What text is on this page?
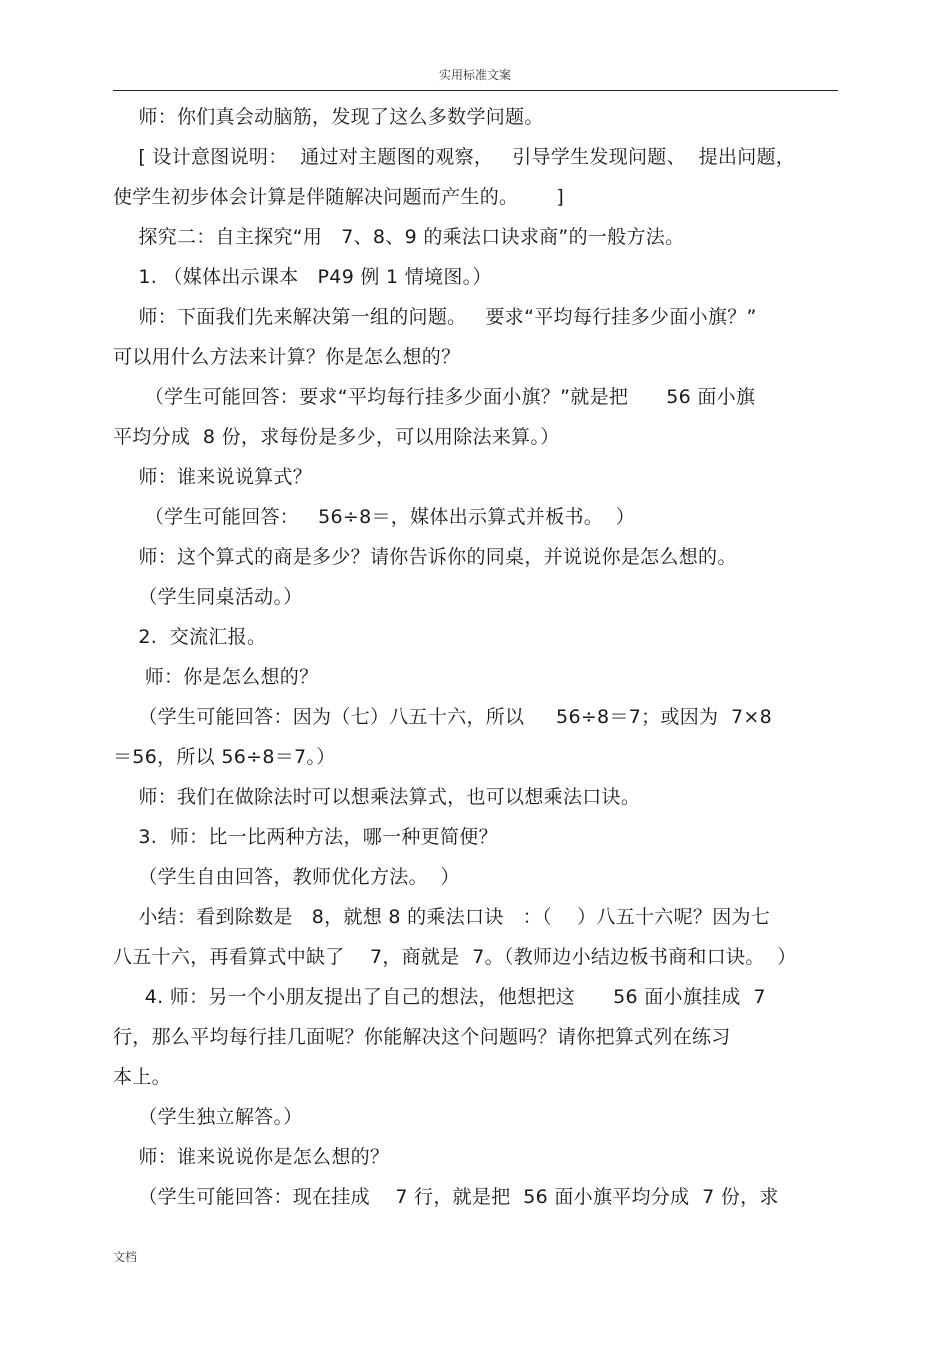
实用标准文案
师：你们真会动脑筋，发现了这么多数学问题。
[ 设计意图说明：  通过对主题图的观察，   引导学生发现问题、  提出问题，
使学生初步体会计算是伴随解决问题而产生的。      ]
探究二：自主探究“用   7、8、9 的乘法口诀求商”的一般方法。
1. （媒体出示课本   P49 例 1 情境图。）
师：下面我们先来解决第一组的问题。   要求“平均每行挂多少面小旗？”
可以用什么方法来计算？你是怎么想的？
（学生可能回答：要求“平均每行挂多少面小旗？”就是把      56 面小旗
平均分成  8 份，求每份是多少，可以用除法来算。）
师：谁来说说算式？
（学生可能回答：   56÷8＝，媒体出示算式并板书。  ）
师：这个算式的商是多少？请你告诉你的同桌，并说说你是怎么想的。
（学生同桌活动。）
2.  交流汇报。
师：你是怎么想的？
（学生可能回答：因为（七）八五十六，所以     56÷8＝7；或因为  7×8
＝56，所以 56÷8＝7。）
师：我们在做除法时可以想乘法算式，也可以想乘法口诀。
3.  师：比一比两种方法，哪一种更简便？
（学生自由回答，教师优化方法。  ）
小结：看到除数是   8，就想 8 的乘法口诀   ：（    ）八五十六呢？因为七
八五十六，再看算式中缺了    7，商就是  7。（教师边小结边板书商和口诀。  ）
4. 师：另一个小朋友提出了自己的想法，他想把这      56 面小旗挂成  7
行，那么平均每行挂几面呢？你能解决这个问题吗？请你把算式列在练习
本上。
（学生独立解答。）
师：谁来说说你是怎么想的？
（学生可能回答：现在挂成    7 行，就是把  56 面小旗平均分成  7 份，求
文档
